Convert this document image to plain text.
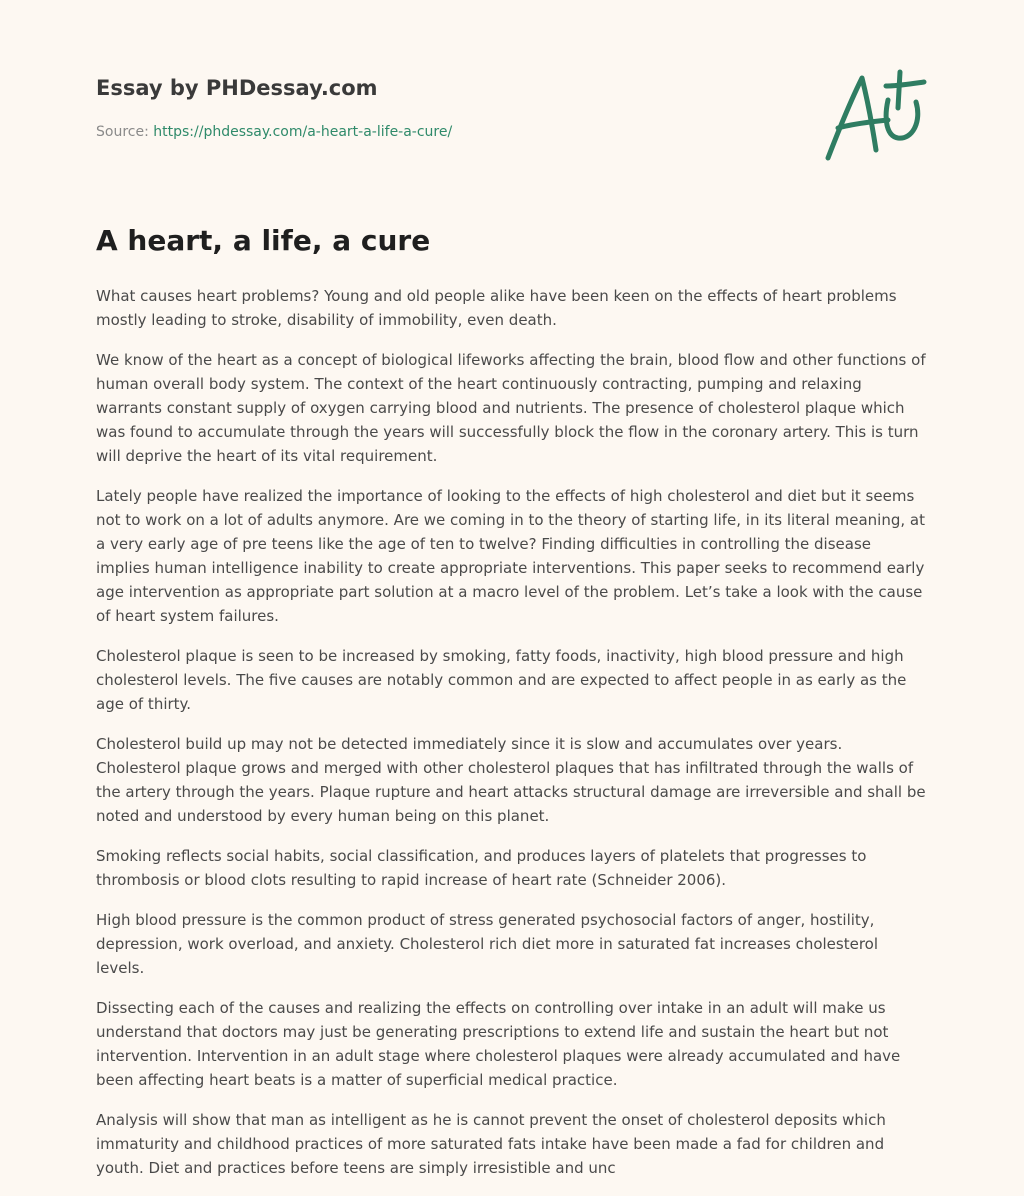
Essay by PHDessay.com
Source: https://phdessay.com/a-heart-a-life-a-cure/
A heart, a life, a cure

What causes heart problems? Young and old people alike have been keen on the effects of heart problems mostly leading to stroke, disability of immobility, even death.

We know of the heart as a concept of biological lifeworks affecting the brain, blood flow and other functions of human overall body system. The context of the heart continuously contracting, pumping and relaxing warrants constant supply of oxygen carrying blood and nutrients. The presence of cholesterol plaque which was found to accumulate through the years will successfully block the flow in the coronary artery. This is turn will deprive the heart of its vital requirement.

Lately people have realized the importance of looking to the effects of high cholesterol and diet but it seems not to work on a lot of adults anymore. Are we coming in to the theory of starting life, in its literal meaning, at a very early age of pre teens like the age of ten to twelve? Finding difficulties in controlling the disease implies human intelligence inability to create appropriate interventions. This paper seeks to recommend early age intervention as appropriate part solution at a macro level of the problem. Let’s take a look with the cause of heart system failures.

Cholesterol plaque is seen to be increased by smoking, fatty foods, inactivity, high blood pressure and high cholesterol levels. The five causes are notably common and are expected to affect people in as early as the age of thirty.

Cholesterol build up may not be detected immediately since it is slow and accumulates over years. Cholesterol plaque grows and merged with other cholesterol plaques that has infiltrated through the walls of the artery through the years. Plaque rupture and heart attacks structural damage are irreversible and shall be noted and understood by every human being on this planet.

Smoking reflects social habits, social classification, and produces layers of platelets that progresses to thrombosis or blood clots resulting to rapid increase of heart rate (Schneider 2006).

High blood pressure is the common product of stress generated psychosocial factors of anger, hostility, depression, work overload, and anxiety. Cholesterol rich diet more in saturated fat increases cholesterol levels.

Dissecting each of the causes and realizing the effects on controlling over intake in an adult will make us understand that doctors may just be generating prescriptions to extend life and sustain the heart but not intervention. Intervention in an adult stage where cholesterol plaques were already accumulated and have been affecting heart beats is a matter of superficial medical practice.

Analysis will show that man as intelligent as he is cannot prevent the onset of cholesterol deposits which immaturity and childhood practices of more saturated fats intake have been made a fad for children and youth. Diet and practices before teens are simply irresistible and unc
